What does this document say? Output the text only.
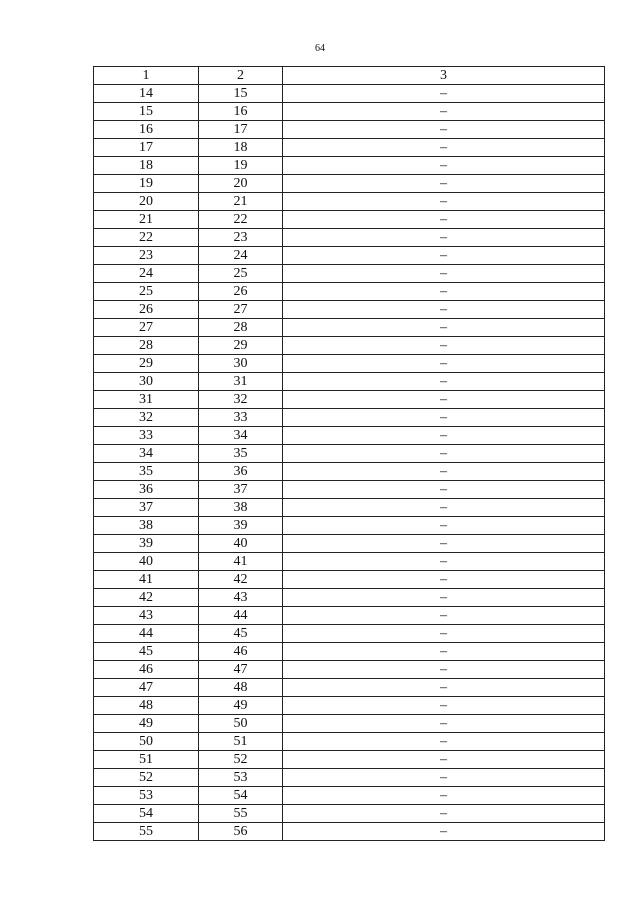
64
1	2	3
14	15	–
15	16	–
16	17	–
17	18	–
18	19	–
19	20	–
20	21	–
21	22	–
22	23	–
23	24	–
24	25	–
25	26	–
26	27	–
27	28	–
28	29	–
29	30	–
30	31	–
31	32	–
32	33	–
33	34	–
34	35	–
35	36	–
36	37	–
37	38	–
38	39	–
39	40	–
40	41	–
41	42	–
42	43	–
43	44	–
44	45	–
45	46	–
46	47	–
47	48	–
48	49	–
49	50	–
50	51	–
51	52	–
52	53	–
53	54	–
54	55	–
55	56	–
